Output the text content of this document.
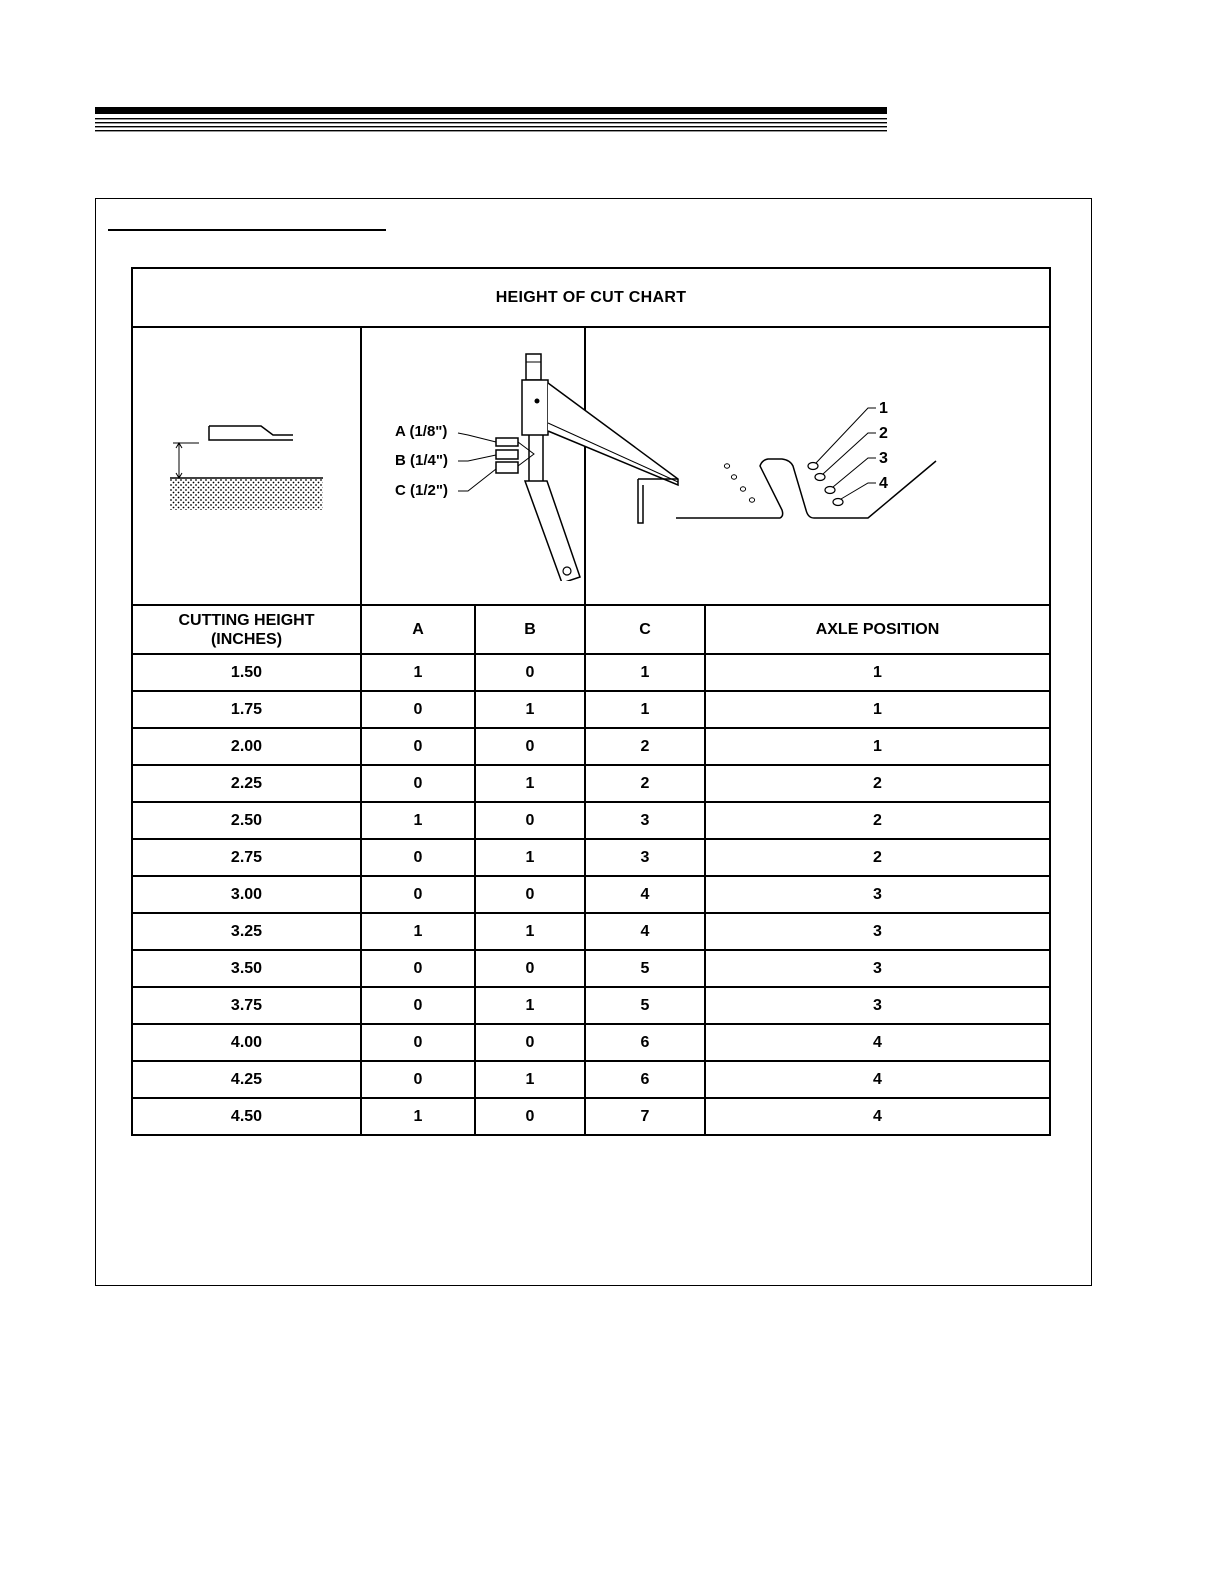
HEIGHT OF CUT CHART				

A (1/8")
B (1/4")
C (1/2")		1
2
3
4	

CUTTING HEIGHT (INCHES)	A	B	C	AXLE POSITION
1.50	1	0	1	1
1.75	0	1	1	1
2.00	0	0	2	1
2.25	0	1	2	2
2.50	1	0	3	2
2.75	0	1	3	2
3.00	0	0	4	3
3.25	1	1	4	3
3.50	0	0	5	3
3.75	0	1	5	3
4.00	0	0	6	4
4.25	0	1	6	4
4.50	1	0	7	4
